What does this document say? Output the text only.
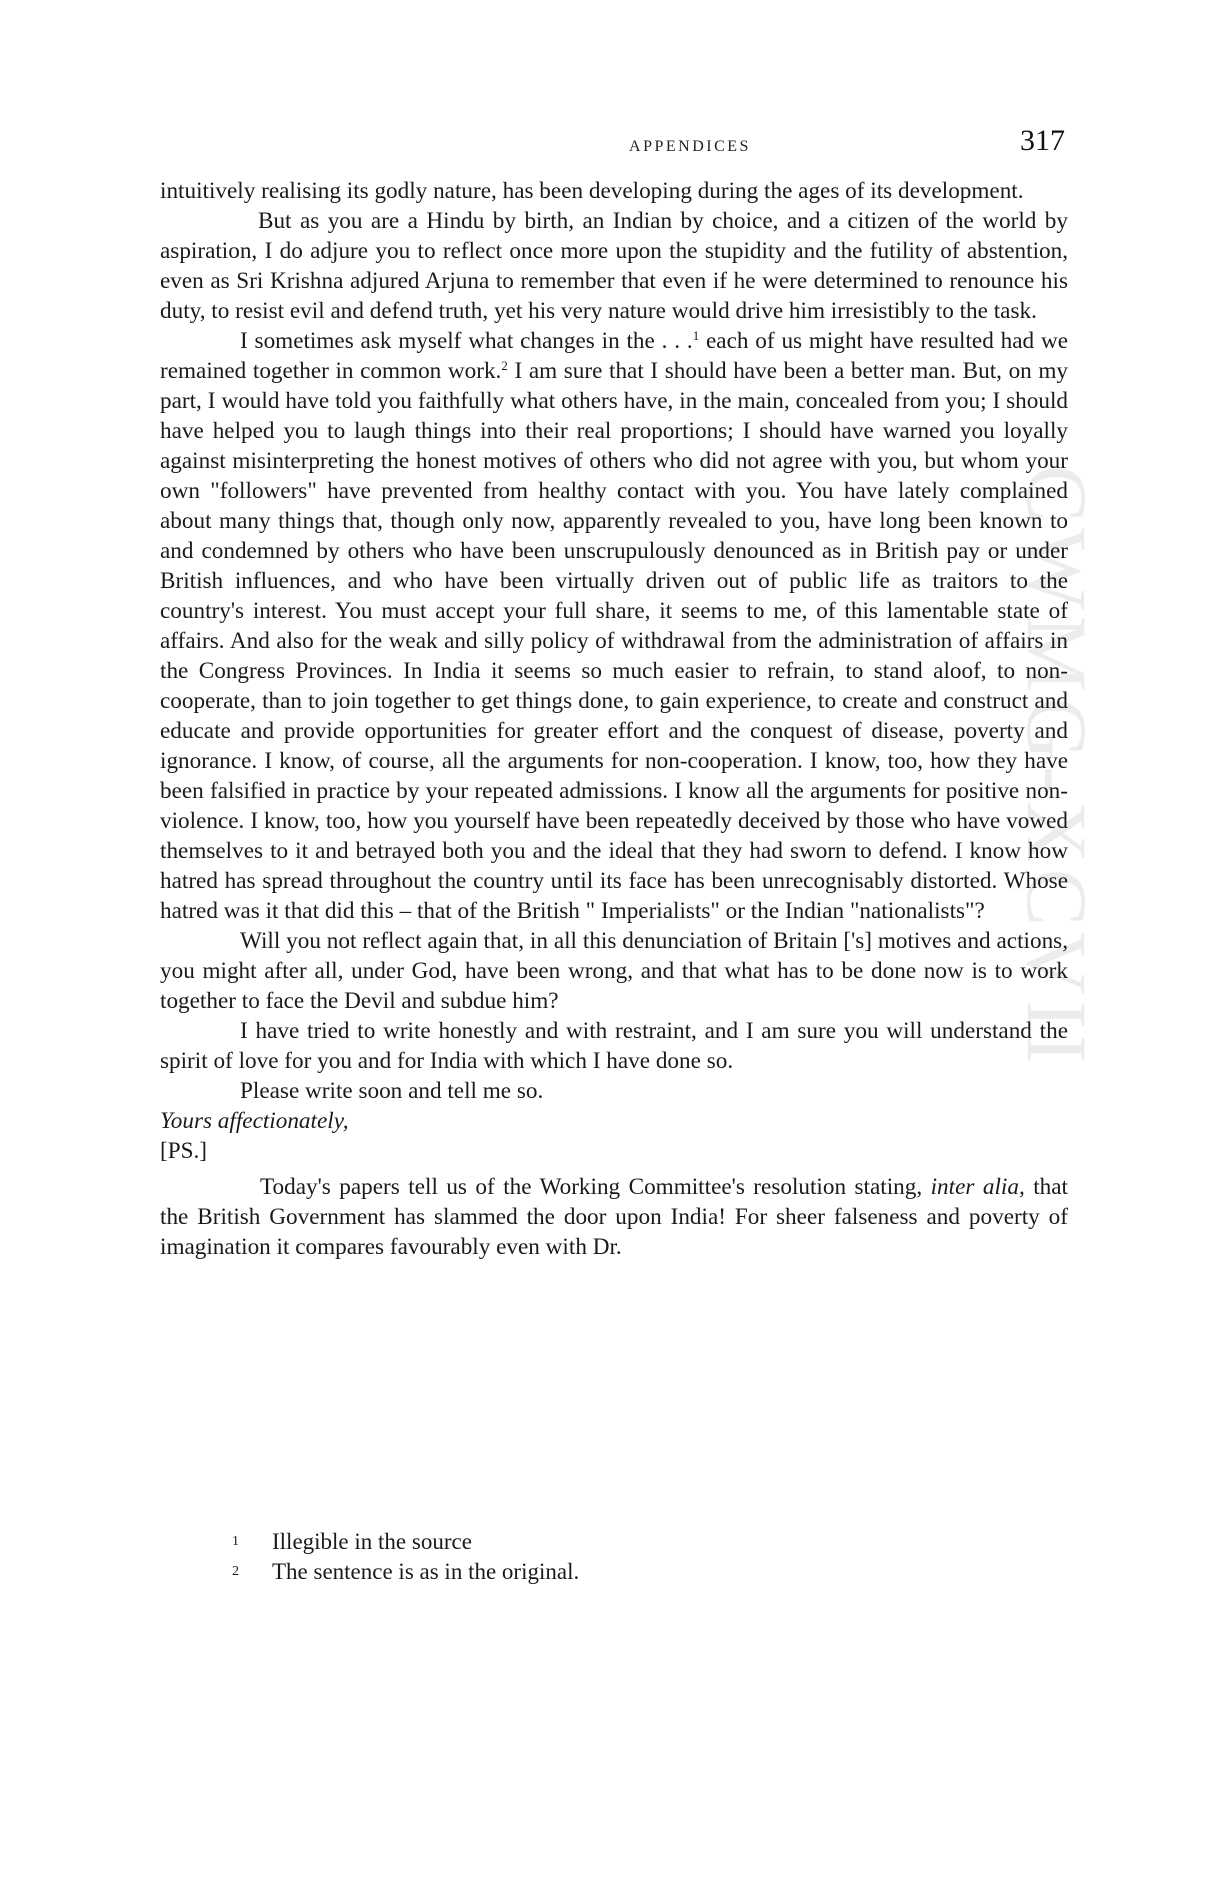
APPENDICES	317
CWMG-XCVII

intuitively realising its godly nature, has been developing during the ages of its development.

But as you are a Hindu by birth, an Indian by choice, and a citizen of the world by aspiration, I do adjure you to reflect once more upon the stupidity and the futility of abstention, even as Sri Krishna adjured Arjuna to remember that even if he were determined to renounce his duty, to resist evil and defend truth, yet his very nature would drive him irresistibly to the task.

I sometimes ask myself what changes in the . . .$^1$ each of us might have resulted had we remained together in common work.$^2$ I am sure that I should have been a better man. But, on my part, I would have told you faithfully what others have, in the main, concealed from you; I should have helped you to laugh things into their real proportions; I should have warned you loyally against misinterpreting the honest motives of others who did not agree with you, but whom your own "followers" have prevented from healthy contact with you. You have lately complained about many things that, though only now, apparently revealed to you, have long been known to and condemned by others who have been unscrupulously denounced as in British pay or under British influences, and who have been virtually driven out of public life as traitors to the country's interest. You must accept your full share, it seems to me, of this lamentable state of affairs. And also for the weak and silly policy of withdrawal from the administration of affairs in the Congress Provinces. In India it seems so much easier to refrain, to stand aloof, to non-cooperate, than to join together to get things done, to gain experience, to create and construct and educate and provide opportunities for greater effort and the conquest of disease, poverty and ignorance. I know, of course, all the arguments for non-cooperation. I know, too, how they have been falsified in practice by your repeated admissions. I know all the arguments for positive non-violence. I know, too, how you yourself have been repeatedly deceived by those who have vowed themselves to it and betrayed both you and the ideal that they had sworn to defend. I know how hatred has spread throughout the country until its face has been unrecognisably distorted. Whose hatred was it that did this – that of the British " Imperialists" or the Indian "nationalists"?

Will you not reflect again that, in all this denunciation of Britain ['s] motives and actions, you might after all, under God, have been wrong, and that what has to be done now is to work together to face the Devil and subdue him?

I have tried to write honestly and with restraint, and I am sure you will understand the spirit of love for you and for India with which I have done so.

Please write soon and tell me so.

Yours affectionately,

[PS.]

Today's papers tell us of the Working Committee's resolution stating, inter alia, that the British Government has slammed the door upon India! For sheer falseness and poverty of imagination it compares favourably even with Dr.

1	Illegible in the source
2	The sentence is as in the original.
